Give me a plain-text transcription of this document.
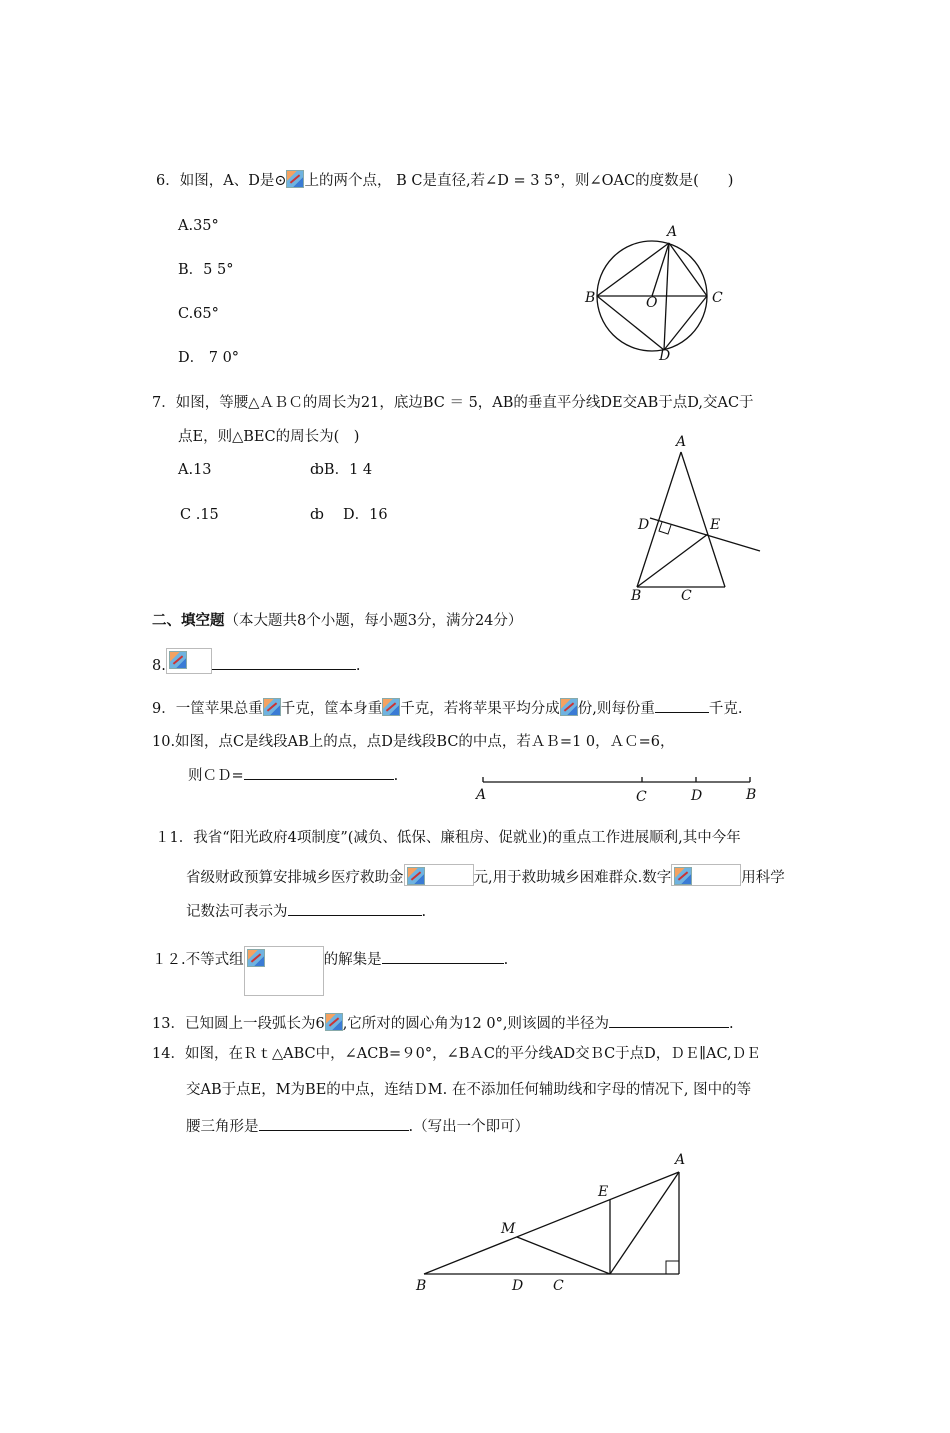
6．如图，A、D是⊙ 上的两个点， B C是直径,若∠D = 3 5°，则∠OAC的度数是(　　)
A.35°
B．5 5°
C.65°
D． 7 0°
A
B	C
O
D
7．如图，等腰△ＡＢＣ的周长为21，底边BC ＝ 5，AB的垂直平分线DE交AB于点D,交AC于
点E，则△BEC的周长为(　)
A.13	ȸB．1 4
C .15	ȸ D．16
A
D	E
B	C
二、填空题（本大题共8个小题，每小题3分，满分24分）
8.	.
9．一筐苹果总重 千克，筐本身重 千克，若将苹果平均分成 份,则每份重	千克.
10.如图，点C是线段AB上的点，点D是线段BC的中点，若ＡＢ=1 0，ＡＣ=6，
则ＣＤ=	.
A	C	D	B
１1．我省“阳光政府4项制度”(减负、低保、廉租房、促就业)的重点工作进展顺利,其中今年
省级财政预算安排城乡医疗救助金	元,用于救助城乡困难群众.数字	用科学
记数法可表示为	.
１２.不等式组	的解集是	.
13．已知圆上一段弧长为6 ,它所对的圆心角为12 0°,则该圆的半径为	.
14．如图，在Ｒｔ△ABC中，∠ACB=９0°，∠BＡC的平分线AD交ＢC于点D，ＤＥ∥AC,ＤＥ
交AB于点E，M为BE的中点，连结ＤM. 在不添加任何辅助线和字母的情况下, 图中的等
腰三角形是	.（写出一个即可）
A
E
M
B	D C
